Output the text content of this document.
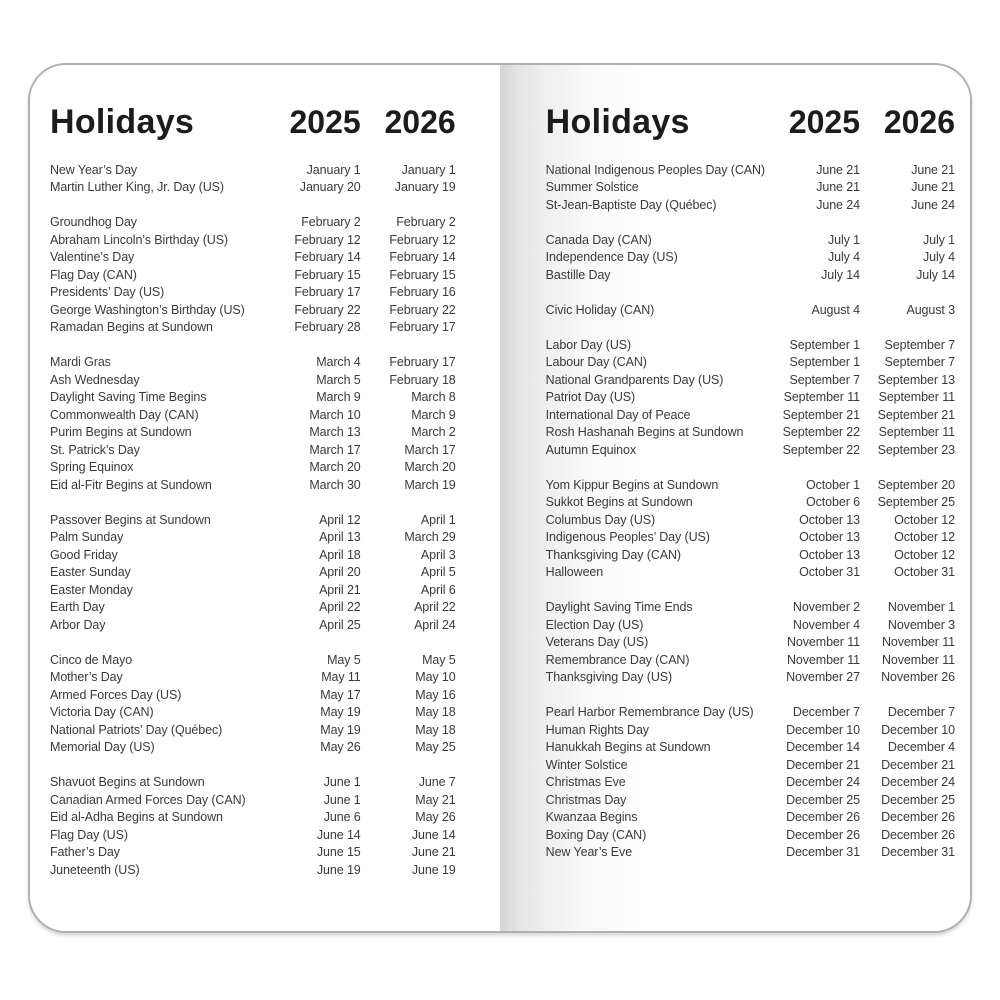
Holidays	2025 2026
New Year’s Day	January 1	January 1
Martin Luther King, Jr. Day (US)	January 20	January 19
Groundhog Day	February 2	February 2
Abraham Lincoln’s Birthday (US)	February 12	February 12
Valentine’s Day	February 14	February 14
Flag Day (CAN)	February 15	February 15
Presidents’ Day (US)	February 17	February 16
George Washington’s Birthday (US)	February 22	February 22
Ramadan Begins at Sundown	February 28	February 17
Mardi Gras	March 4	February 17
Ash Wednesday	March 5	February 18
Daylight Saving Time Begins	March 9	March 8
Commonwealth Day (CAN)	March 10	March 9
Purim Begins at Sundown	March 13	March 2
St. Patrick’s Day	March 17	March 17
Spring Equinox	March 20	March 20
Eid al-Fitr Begins at Sundown	March 30	March 19
Passover Begins at Sundown	April 12	April 1
Palm Sunday	April 13	March 29
Good Friday	April 18	April 3
Easter Sunday	April 20	April 5
Easter Monday	April 21	April 6
Earth Day	April 22	April 22
Arbor Day	April 25	April 24
Cinco de Mayo	May 5	May 5
Mother’s Day	May 11	May 10
Armed Forces Day (US)	May 17	May 16
Victoria Day (CAN)	May 19	May 18
National Patriots’ Day (Québec)	May 19	May 18
Memorial Day (US)	May 26	May 25
Shavuot Begins at Sundown	June 1	June 7
Canadian Armed Forces Day (CAN)	June 1	May 21
Eid al-Adha Begins at Sundown	June 6	May 26
Flag Day (US)	June 14	June 14
Father’s Day	June 15	June 21
Juneteenth (US)	June 19	June 19
Holidays	2025 2026
National Indigenous Peoples Day (CAN)	June 21	June 21
Summer Solstice	June 21	June 21
St-Jean-Baptiste Day (Québec)	June 24	June 24
Canada Day (CAN)	July 1	July 1
Independence Day (US)	July 4	July 4
Bastille Day	July 14	July 14
Civic Holiday (CAN)	August 4	August 3
Labor Day (US)	September 1	September 7
Labour Day (CAN)	September 1	September 7
National Grandparents Day (US)	September 7	September 13
Patriot Day (US)	September 11	September 11
International Day of Peace	September 21	September 21
Rosh Hashanah Begins at Sundown	September 22	September 11
Autumn Equinox	September 22	September 23
Yom Kippur Begins at Sundown	October 1	September 20
Sukkot Begins at Sundown	October 6	September 25
Columbus Day (US)	October 13	October 12
Indigenous Peoples’ Day (US)	October 13	October 12
Thanksgiving Day (CAN)	October 13	October 12
Halloween	October 31	October 31
Daylight Saving Time Ends	November 2	November 1
Election Day (US)	November 4	November 3
Veterans Day (US)	November 11	November 11
Remembrance Day (CAN)	November 11	November 11
Thanksgiving Day (US)	November 27	November 26
Pearl Harbor Remembrance Day (US)	December 7	December 7
Human Rights Day	December 10	December 10
Hanukkah Begins at Sundown	December 14	December 4
Winter Solstice	December 21	December 21
Christmas Eve	December 24	December 24
Christmas Day	December 25	December 25
Kwanzaa Begins	December 26	December 26
Boxing Day (CAN)	December 26	December 26
New Year’s Eve	December 31	December 31
